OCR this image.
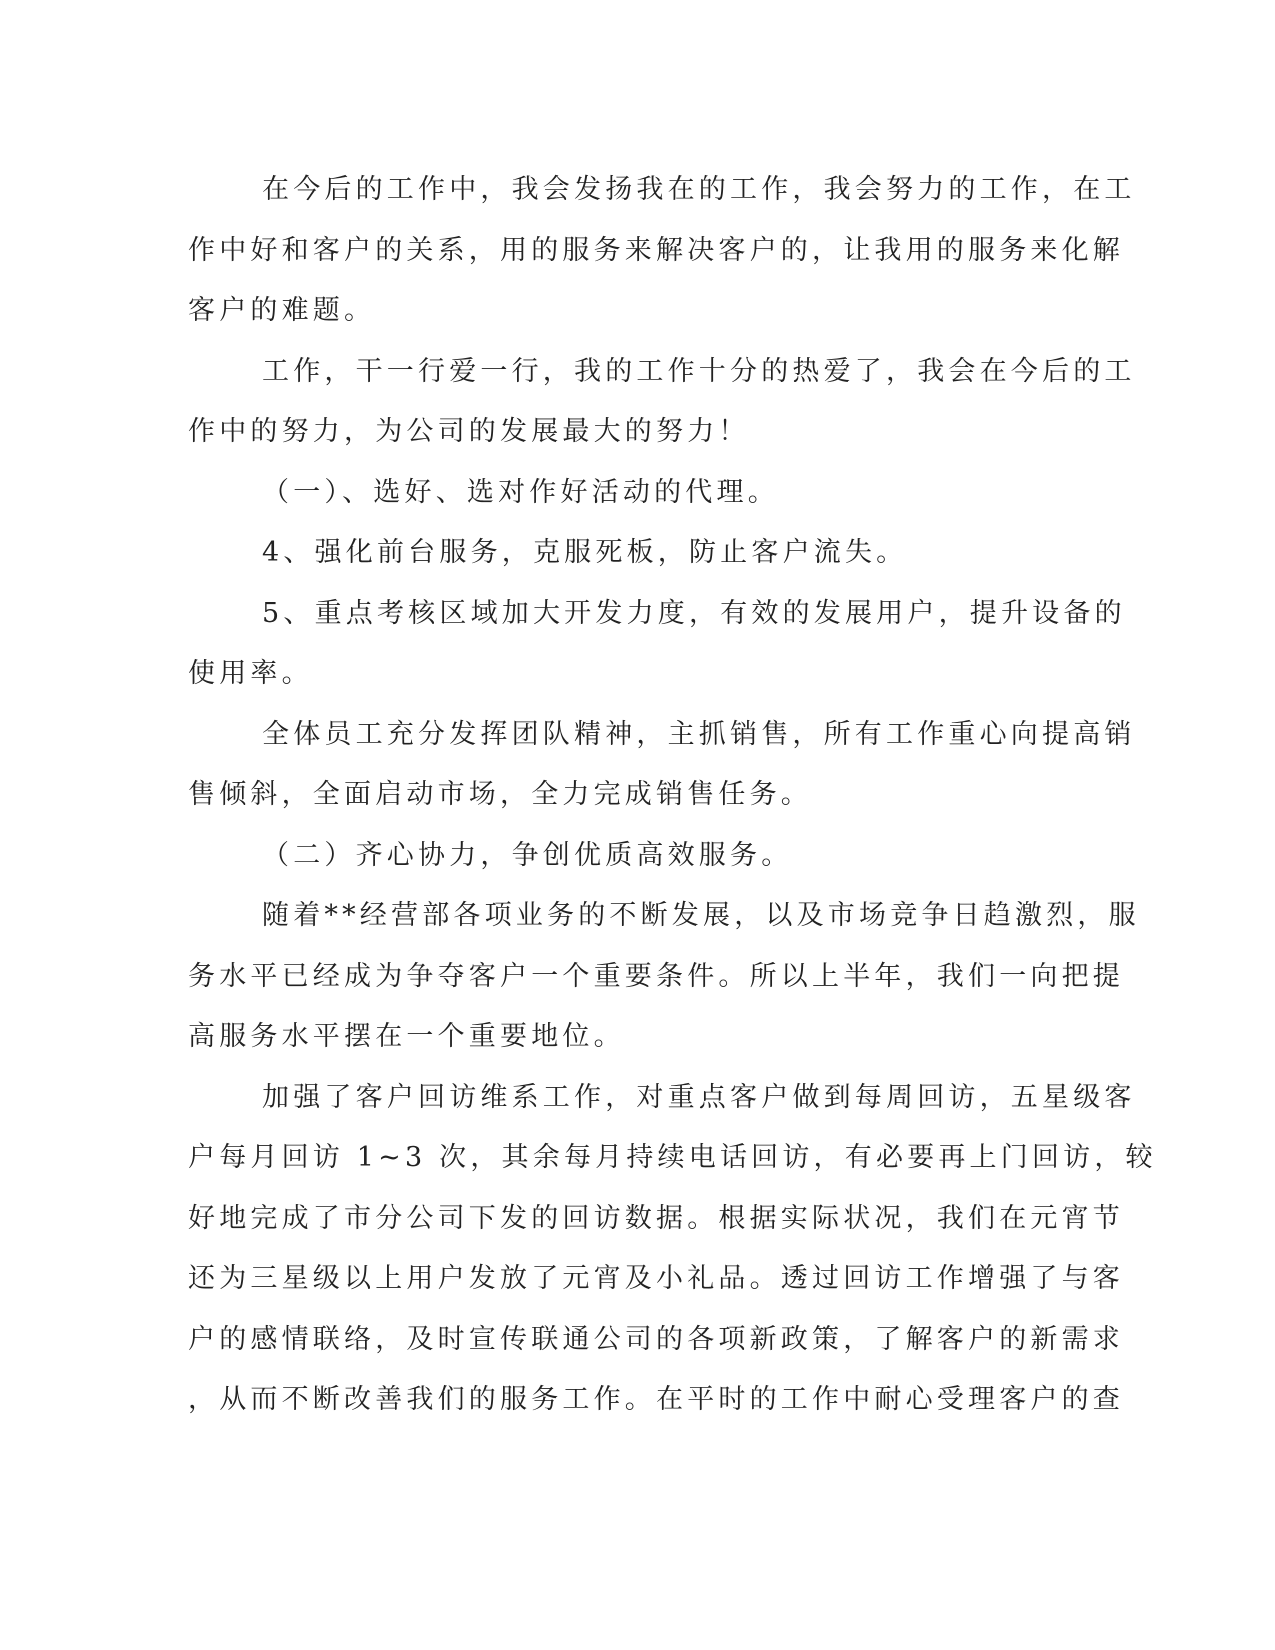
在今后的工作中，我会发扬我在的工作，我会努力的工作，在工
作中好和客户的关系，用的服务来解决客户的，让我用的服务来化解
客户的难题。
工作，干一行爱一行，我的工作十分的热爱了，我会在今后的工
作中的努力，为公司的发展最大的努力！
（一）、选好、选对作好活动的代理。
4、强化前台服务，克服死板，防止客户流失。
5、重点考核区域加大开发力度，有效的发展用户，提升设备的
使用率。
全体员工充分发挥团队精神，主抓销售，所有工作重心向提高销
售倾斜，全面启动市场，全力完成销售任务。
（二）齐心协力，争创优质高效服务。
随着**经营部各项业务的不断发展，以及市场竞争日趋激烈，服
务水平已经成为争夺客户一个重要条件。所以上半年，我们一向把提
高服务水平摆在一个重要地位。
加强了客户回访维系工作，对重点客户做到每周回访，五星级客
户每月回访 1~3 次，其余每月持续电话回访，有必要再上门回访，较
好地完成了市分公司下发的回访数据。根据实际状况，我们在元宵节
还为三星级以上用户发放了元宵及小礼品。透过回访工作增强了与客
户的感情联络，及时宣传联通公司的各项新政策，了解客户的新需求
，从而不断改善我们的服务工作。在平时的工作中耐心受理客户的查
